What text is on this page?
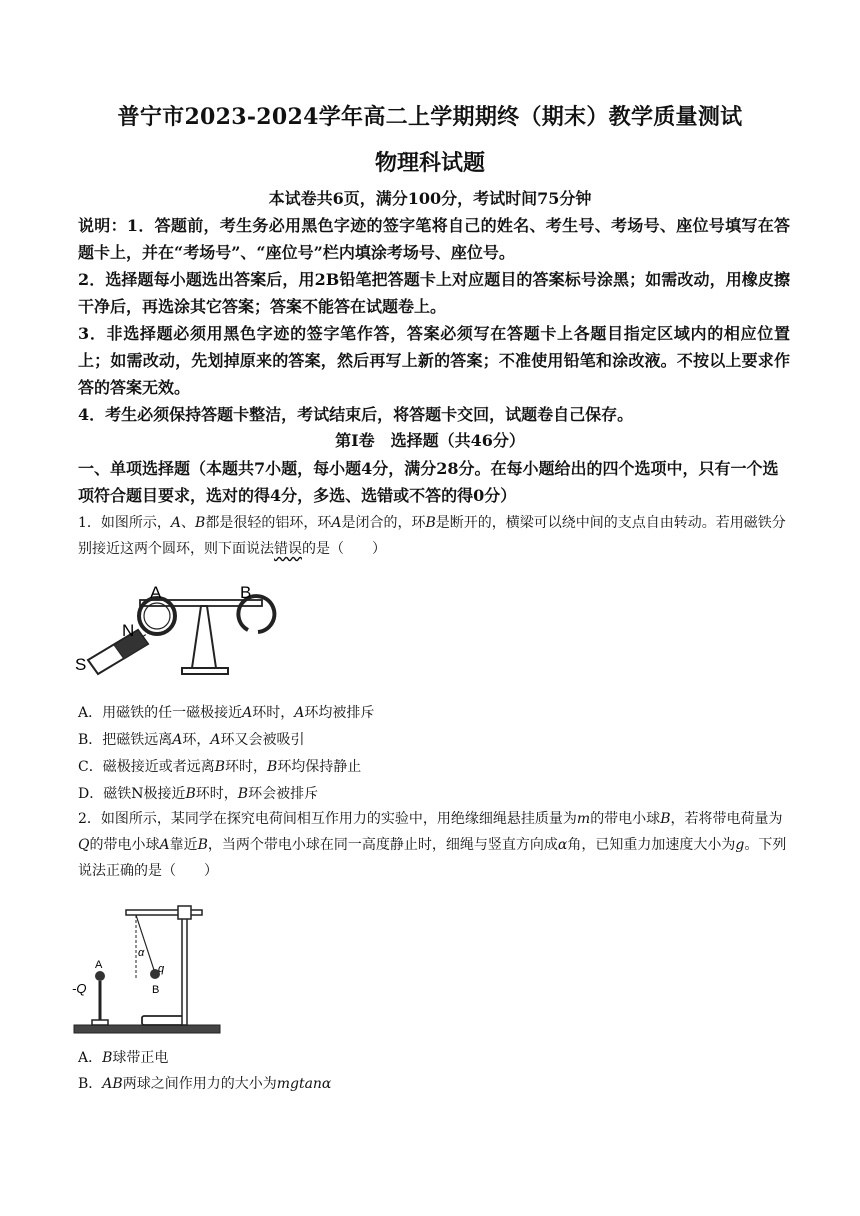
普宁市2023-2024学年高二上学期期终（期末）教学质量测试
物理科试题
本试卷共6页，满分100分，考试时间75分钟
说明：1．答题前，考生务必用黑色字迹的签字笔将自己的姓名、考生号、考场号、座位号填写在答题卡上，并在“考场号”、“座位号”栏内填涂考场号、座位号。
2．选择题每小题选出答案后，用2B铅笔把答题卡上对应题目的答案标号涂黑；如需改动，用橡皮擦干净后，再选涂其它答案；答案不能答在试题卷上。
3．非选择题必须用黑色字迹的签字笔作答，答案必须写在答题卡上各题目指定区域内的相应位置上；如需改动，先划掉原来的答案，然后再写上新的答案；不准使用铅笔和涂改液。不按以上要求作答的答案无效。
4．考生必须保持答题卡整洁，考试结束后，将答题卡交回，试题卷自己保存。
第Ⅰ卷　选择题（共46分）
一、单项选择题（本题共7小题，每小题4分，满分28分。在每小题给出的四个选项中，只有一个选项符合题目要求，选对的得4分，多选、选错或不答的得0分）
1．如图所示，A、B都是很轻的铝环，环A是闭合的，环B是断开的，横梁可以绕中间的支点自由转动。若用磁铁分别接近这两个圆环，则下面说法错误的是（　　）
A	B
N
S
A．用磁铁的任一磁极接近A环时，A环均被排斥
B．把磁铁远离A环，A环又会被吸引
C．磁极接近或者远离B环时，B环均保持静止
D．磁铁N极接近B环时，B环会被排斥
2．如图所示，某同学在探究电荷间相互作用力的实验中，用绝缘细绳悬挂质量为m的带电小球B，若将带电荷量为Q的带电小球A靠近B，当两个带电小球在同一高度静止时，细绳与竖直方向成α角，已知重力加速度大小为g。下列说法正确的是（　　）
A
B
-Q
q
α
A．B球带正电
B．AB两球之间作用力的大小为mgtanα
